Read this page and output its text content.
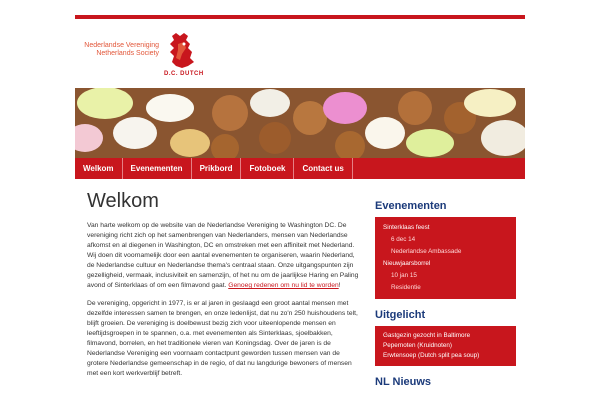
Nederlandse Vereniging
Netherlands Society
D.C. DUTCH
Welkom	Evenementen	Prikbord	Fotoboek	Contact us
Welkom

Van harte welkom op de website van de Nederlandse Vereniging te Washington DC. De vereniging richt zich op het samenbrengen van Nederlanders, mensen van Nederlandse afkomst en al diegenen in Washington, DC en omstreken met een affiniteit met Nederland. Wij doen dit voornamelijk door een aantal evenementen te organiseren, waarin Nederland, de Nederlandse cultuur en Nederlandse thema's centraal staan. Onze uitgangspunten zijn gezelligheid, vermaak, inclusiviteit en samenzijn, of het nu om de jaarlijkse Haring en Paling avond of Sinterklaas of om een filmavond gaat. Genoeg redenen om nu lid te worden!

De vereniging, opgericht in 1977, is er al jaren in geslaagd een groot aantal mensen met dezelfde interessen samen te brengen, en onze ledenlijst, dat nu zo'n 250 huishoudens telt, blijft groeien. De vereniging is doelbewust bezig zich voor uiteenlopende mensen en leeftijdsgroepen in te spannen, o.a. met evenementen als Sinterklaas, sjoelbakken, filmavond, borrelen, en het traditionele vieren van Koningsdag. Over de jaren is de Nederlandse Vereniging een voornaam contactpunt geworden tussen mensen van de grotere Nederlandse gemeenschap in de regio, of dat nu langdurige bewoners of mensen met een kort werkverblijf betreft.

Evenementen
Sinterklaas feest
6 dec 14
Nederlandse Ambassade
Nieuwjaarsborrel
10 jan 15
Residentie
Uitgelicht
Gastgezin gezocht in Baltimore
Pepernoten (Kruidnoten)
Erwtensoep (Dutch split pea soup)
NL Nieuws
